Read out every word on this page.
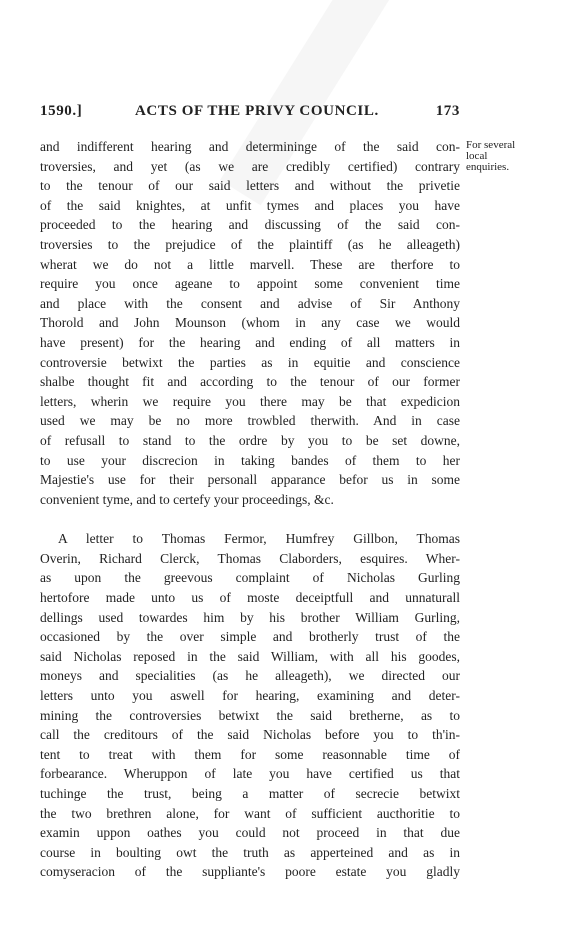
1590.]	ACTS OF THE PRIVY COUNCIL.	173
For several
local
enquiries.
and indifferent hearing and determininge of the said con-
troversies, and yet (as we are credibly certified) contrary
to the tenour of our said letters and without the privetie
of the said knightes, at unfit tymes and places you have
proceeded to the hearing and discussing of the said con-
troversies to the prejudice of the plaintiff (as he alleageth)
wherat we do not a little marvell. These are therfore to
require you once ageane to appoint some convenient time
and place with the consent and advise of Sir Anthony
Thorold and John Mounson (whom in any case we would
have present) for the hearing and ending of all matters in
controversie betwixt the parties as in equitie and conscience
shalbe thought fit and according to the tenour of our former
letters, wherin we require you there may be that expedicion
used we may be no more trowbled therwith. And in case
of refusall to stand to the ordre by you to be set downe,
to use your discrecion in taking bandes of them to her
Majestie's use for their personall apparance befor us in some
convenient tyme, and to certefy your proceedings, &c.
A letter to Thomas Fermor, Humfrey Gillbon, Thomas
Overin, Richard Clerck, Thomas Claborders, esquires. Wher-
as upon the greevous complaint of Nicholas Gurling
hertofore made unto us of moste deceiptfull and unnaturall
dellings used towardes him by his brother William Gurling,
occasioned by the over simple and brotherly trust of the
said Nicholas reposed in the said William, with all his goodes,
moneys and specialities (as he alleageth), we directed our
letters unto you aswell for hearing, examining and deter-
mining the controversies betwixt the said bretherne, as to
call the creditours of the said Nicholas before you to th'in-
tent to treat with them for some reasonnable time of
forbearance. Wheruppon of late you have certified us that
tuchinge the trust, being a matter of secrecie betwixt
the two brethren alone, for want of sufficient aucthoritie to
examin uppon oathes you could not proceed in that due
course in boulting owt the truth as apperteined and as in
comyseracion of the suppliante's poore estate you gladly
